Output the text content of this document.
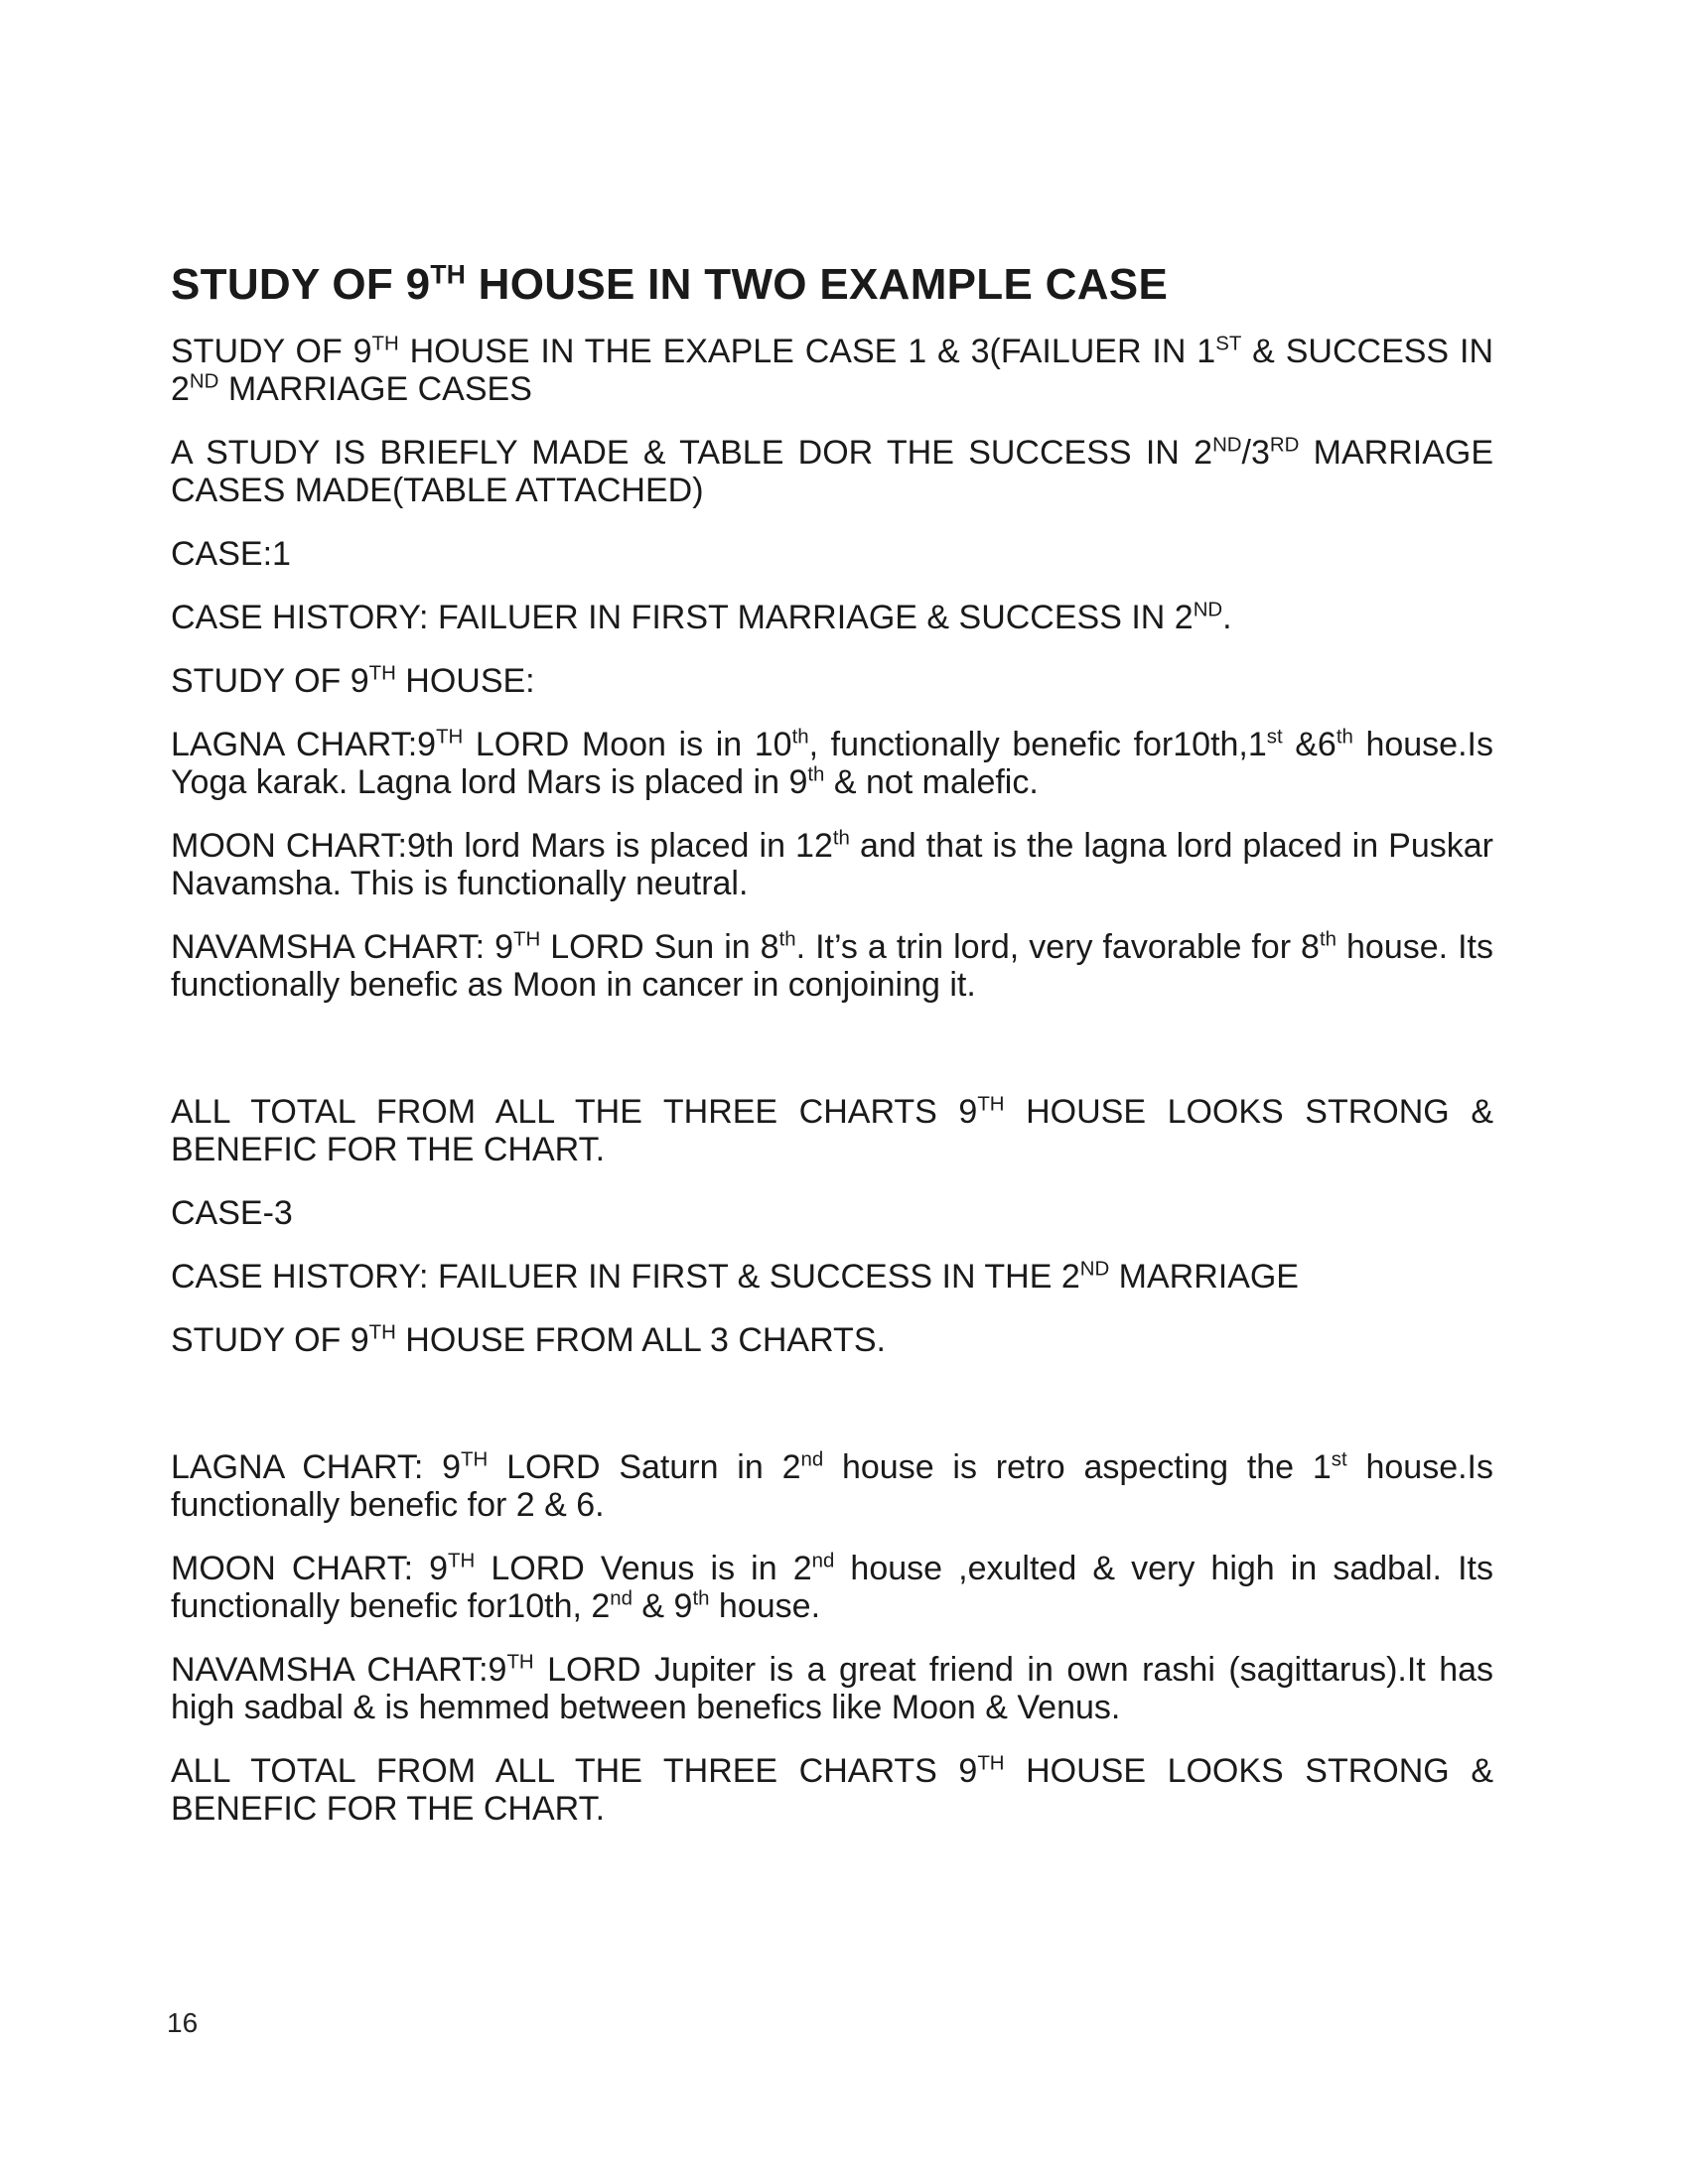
STUDY OF 9TH HOUSE IN TWO EXAMPLE CASE

STUDY OF 9TH HOUSE IN THE EXAPLE CASE 1 & 3(FAILUER IN 1ST & SUCCESS IN 2ND MARRIAGE CASES

A STUDY IS BRIEFLY MADE & TABLE DOR THE SUCCESS IN 2ND/3RD MARRIAGE CASES MADE(TABLE ATTACHED)

CASE:1

CASE HISTORY: FAILUER IN FIRST MARRIAGE & SUCCESS IN 2ND.

STUDY OF 9TH HOUSE:

LAGNA CHART:9TH LORD Moon is in 10th, functionally benefic for10th,1st &6th house.Is Yoga karak. Lagna lord Mars is placed in 9th & not malefic.

MOON CHART:9th lord Mars is placed in 12th and that is the lagna lord placed in Puskar Navamsha. This is functionally neutral.

NAVAMSHA CHART: 9TH LORD Sun in 8th. It’s a trin lord, very favorable for 8th house. Its functionally benefic as Moon in cancer in conjoining it.

ALL TOTAL FROM ALL THE THREE CHARTS 9TH HOUSE LOOKS STRONG & BENEFIC FOR THE CHART.

CASE-3

CASE HISTORY: FAILUER IN FIRST & SUCCESS IN THE 2ND MARRIAGE

STUDY OF 9TH HOUSE FROM ALL 3 CHARTS.

LAGNA CHART: 9TH LORD Saturn in 2nd house is retro aspecting the 1st house.Is functionally benefic for 2 & 6.

MOON CHART: 9TH LORD Venus is in 2nd house ,exulted & very high in sadbal. Its functionally benefic for10th, 2nd & 9th house.

NAVAMSHA CHART:9TH LORD Jupiter is a great friend in own rashi (sagittarus).It has high sadbal & is hemmed between benefics like Moon & Venus.

ALL TOTAL FROM ALL THE THREE CHARTS 9TH HOUSE LOOKS STRONG & BENEFIC FOR THE CHART.

16
